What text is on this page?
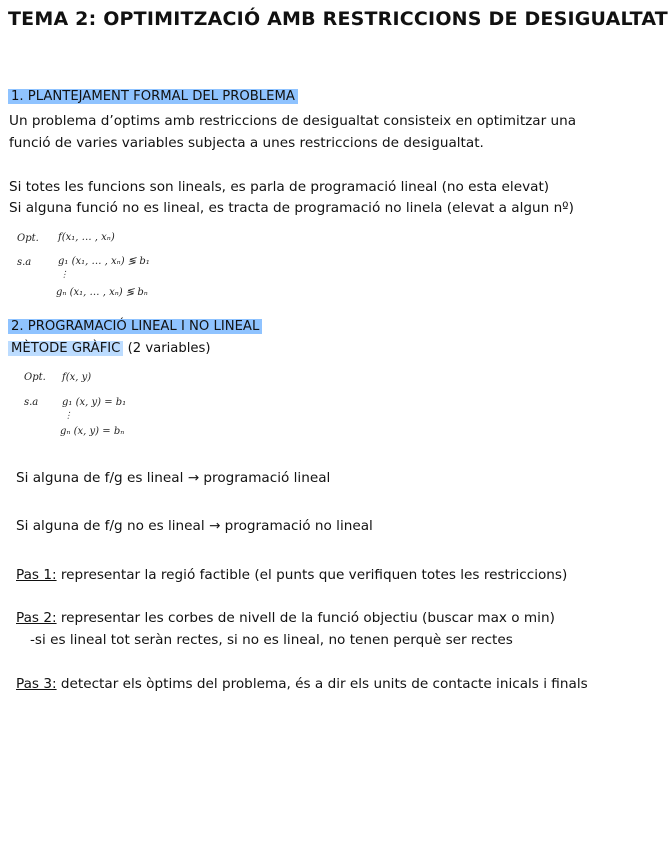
TEMA 2: OPTIMITZACIÓ AMB RESTRICCIONS DE DESIGUALTAT
1. PLANTEJAMENT FORMAL DEL PROBLEMA
Un problema d’optims amb restriccions de desigualtat consisteix en optimitzar una
funció de varies variables subjecta a unes restriccions de desigualtat.
Si totes les funcions son lineals, es parla de programació lineal (no esta elevat)
Si alguna funció no es lineal, es tracta de programació no linela (elevat a algun nº)
Opt. f(x₁, … , xₙ)
s.a	g₁ (x₁, … , xₙ) ≶ b₁
⋮
gₙ (x₁, … , xₙ) ≶ bₙ
2. PROGRAMACIÓ LINEAL I NO LINEAL
MÈTODE GRÀFIC (2 variables)
Opt. f(x, y)
s.a g₁ (x, y) = b₁
⋮
gₙ (x, y) = bₙ
Si alguna de f/g es lineal → programació lineal
Si alguna de f/g no es lineal → programació no lineal
Pas 1: representar la regió factible (el punts que verifiquen totes les restriccions)
Pas 2: representar les corbes de nivell de la funció objectiu (buscar max o min)
-si es lineal tot seràn rectes, si no es lineal, no tenen perquè ser rectes
Pas 3: detectar els òptims del problema, és a dir els units de contacte inicals i finals
